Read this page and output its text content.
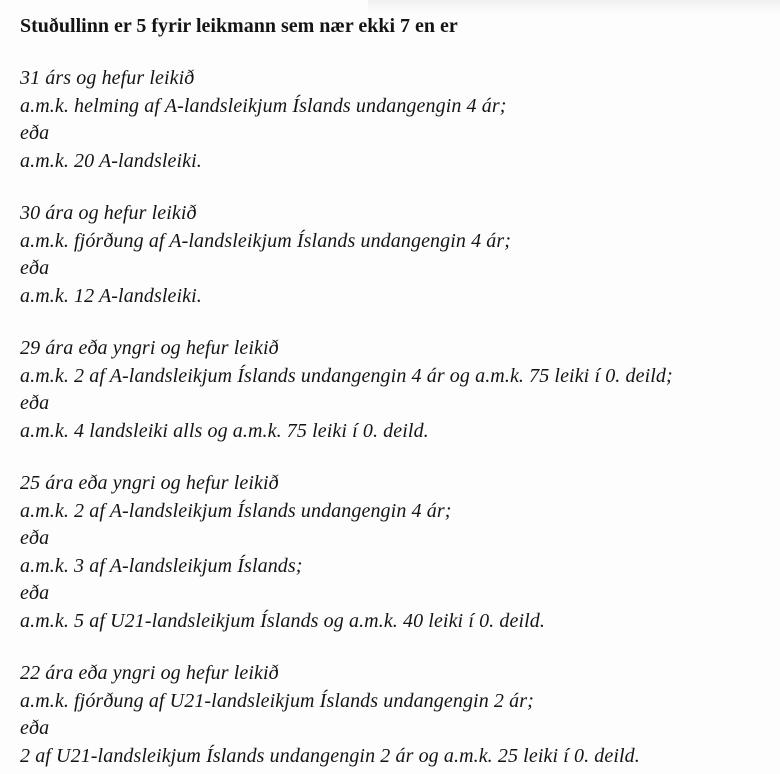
Stuðullinn er 5 fyrir leikmann sem nær ekki 7 en er

31 árs og hefur leikið
a.m.k. helming af A-landsleikjum Íslands undangengin 4 ár;
eða
a.m.k. 20 A-landsleiki.

30 ára og hefur leikið
a.m.k. fjórðung af A-landsleikjum Íslands undangengin 4 ár;
eða
a.m.k. 12 A-landsleiki.

29 ára eða yngri og hefur leikið
a.m.k. 2 af A-landsleikjum Íslands undangengin 4 ár og a.m.k. 75 leiki í 0. deild;
eða
a.m.k. 4 landsleiki alls og a.m.k. 75 leiki í 0. deild.

25 ára eða yngri og hefur leikið
a.m.k. 2 af A-landsleikjum Íslands undangengin 4 ár;
eða
a.m.k. 3 af A-landsleikjum Íslands;
eða
a.m.k. 5 af U21-landsleikjum Íslands og a.m.k. 40 leiki í 0. deild.

22 ára eða yngri og hefur leikið
a.m.k. fjórðung af U21-landsleikjum Íslands undangengin 2 ár;
eða
2 af U21-landsleikjum Íslands undangengin 2 ár og a.m.k. 25 leiki í 0. deild.
